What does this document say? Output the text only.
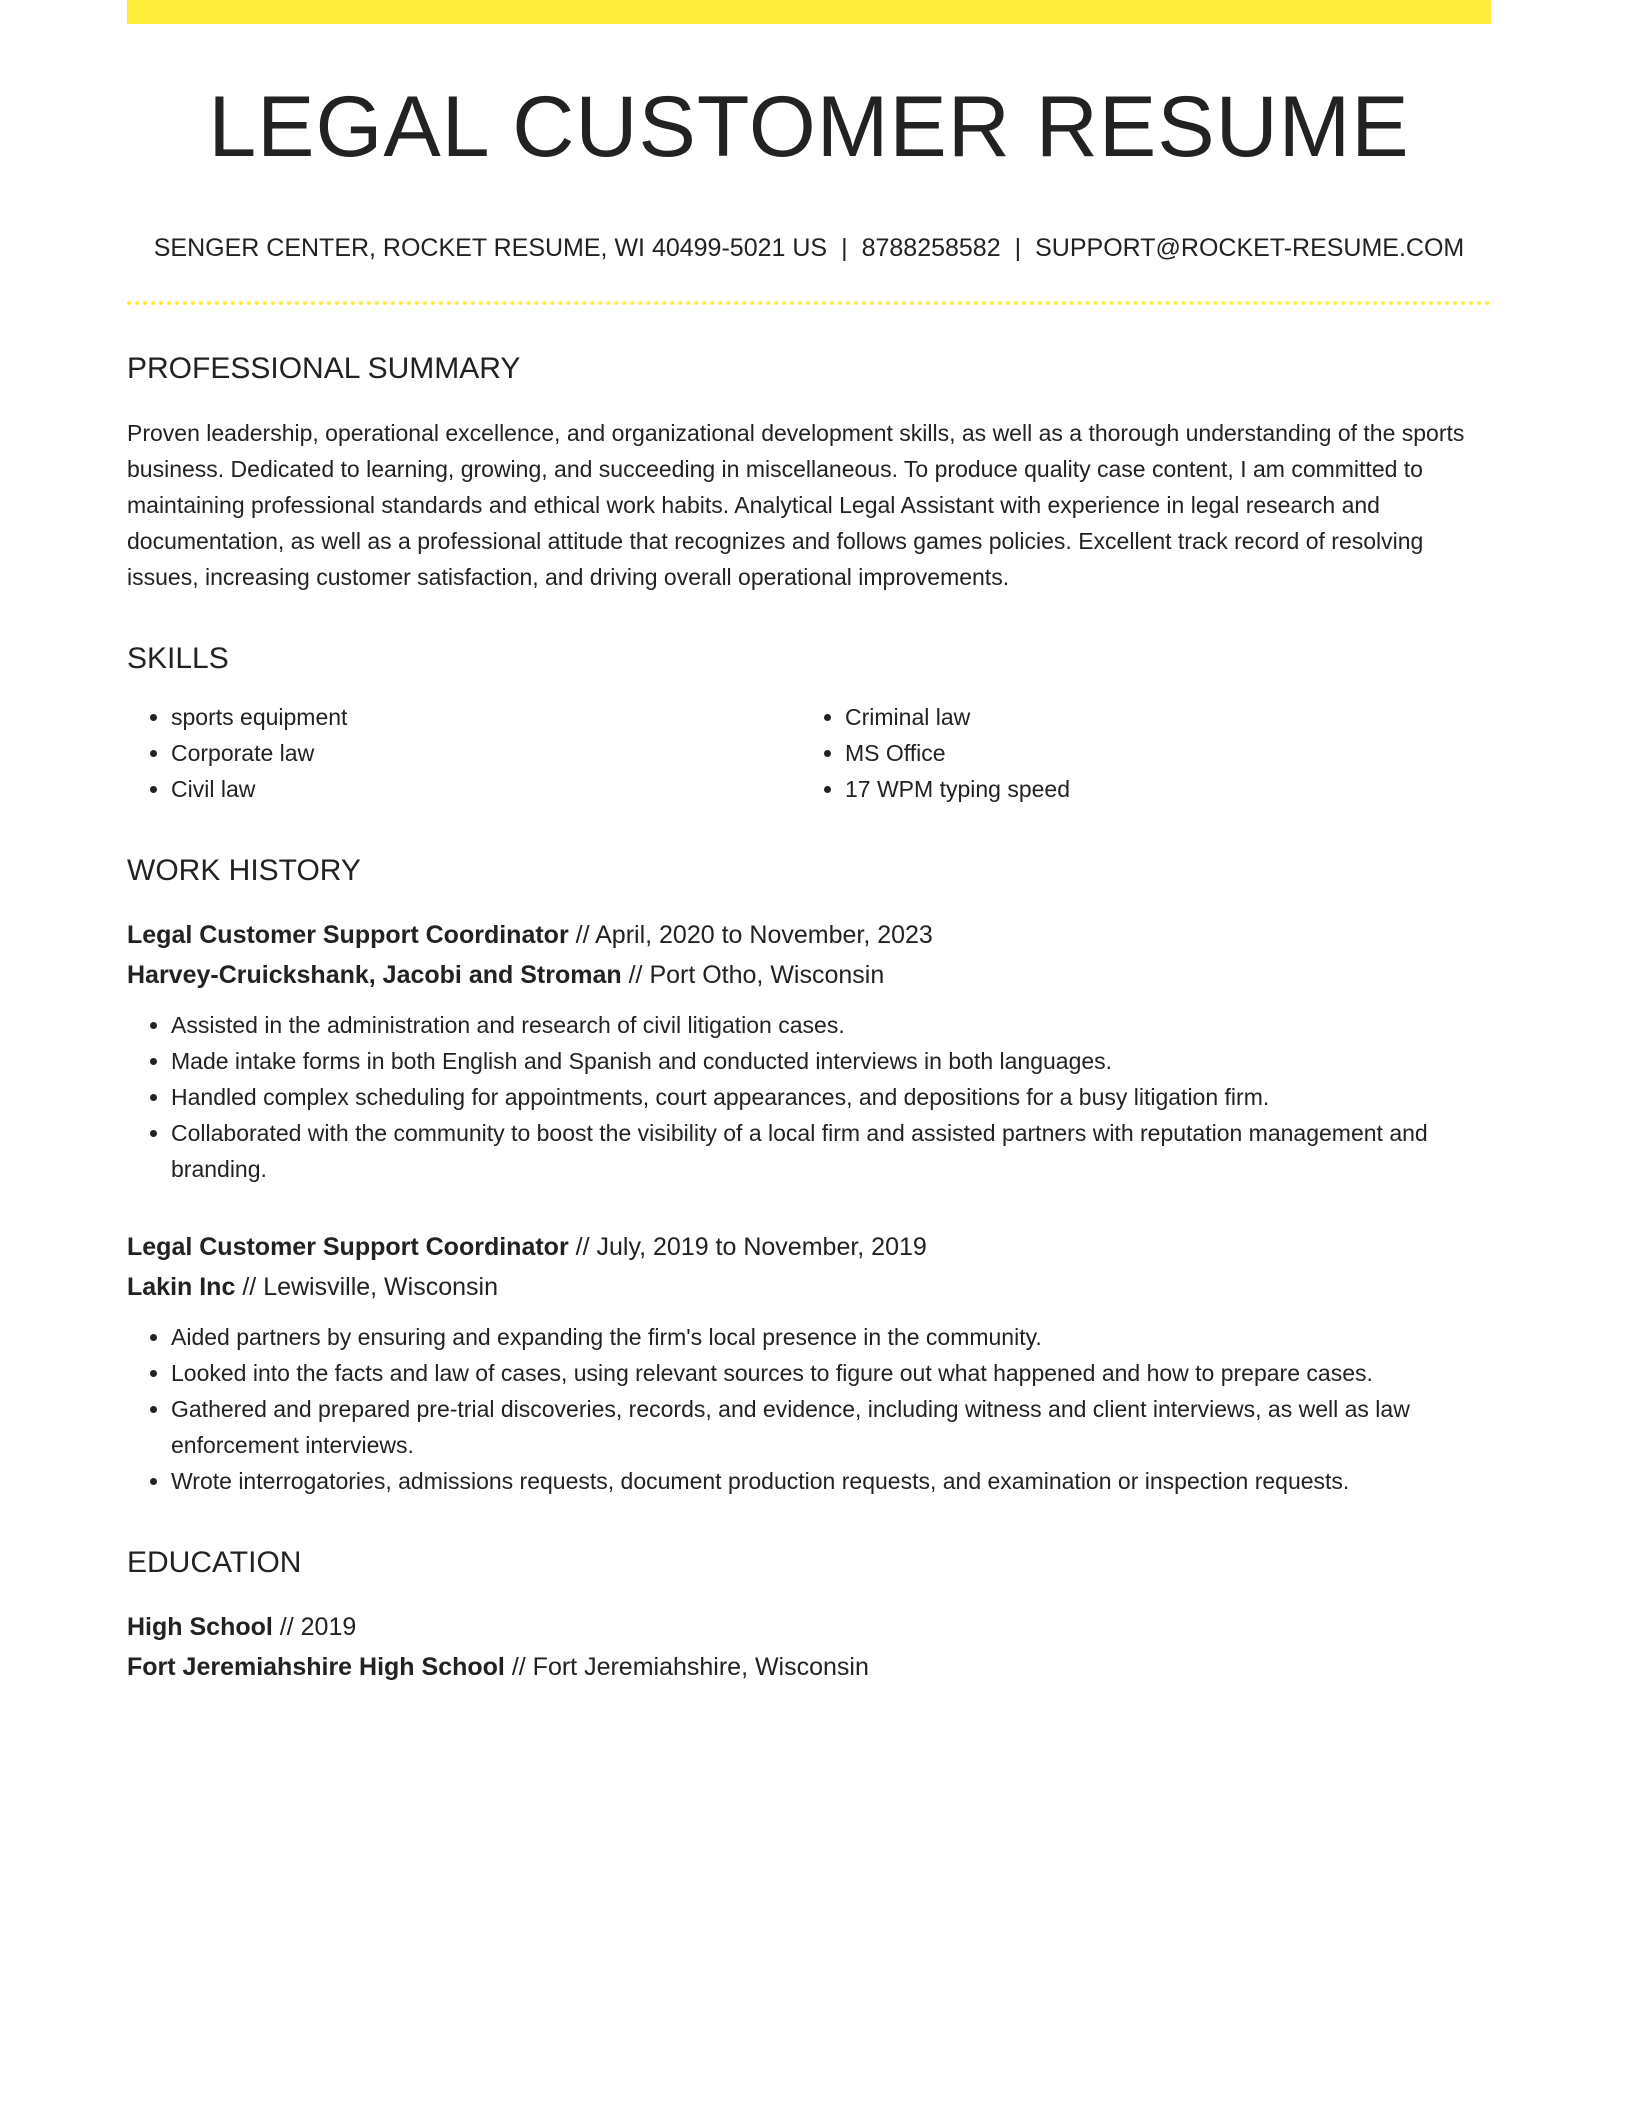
LEGAL CUSTOMER RESUME
SENGER CENTER, ROCKET RESUME, WI 40499-5021 US | 8788258582 | SUPPORT@ROCKET-RESUME.COM
PROFESSIONAL SUMMARY

Proven leadership, operational excellence, and organizational development skills, as well as a thorough understanding of the sports business. Dedicated to learning, growing, and succeeding in miscellaneous. To produce quality case content, I am committed to maintaining professional standards and ethical work habits. Analytical Legal Assistant with experience in legal research and documentation, as well as a professional attitude that recognizes and follows games policies. Excellent track record of resolving issues, increasing customer satisfaction, and driving overall operational improvements.

SKILLS
• sports equipment
• Corporate law
• Civil law
• Criminal law
• MS Office
• 17 WPM typing speed
WORK HISTORY
Legal Customer Support Coordinator // April, 2020 to November, 2023
Harvey-Cruickshank, Jacobi and Stroman // Port Otho, Wisconsin
• Assisted in the administration and research of civil litigation cases.
• Made intake forms in both English and Spanish and conducted interviews in both languages.
• Handled complex scheduling for appointments, court appearances, and depositions for a busy litigation firm.
• Collaborated with the community to boost the visibility of a local firm and assisted partners with reputation management and branding.
Legal Customer Support Coordinator // July, 2019 to November, 2019
Lakin Inc // Lewisville, Wisconsin
• Aided partners by ensuring and expanding the firm's local presence in the community.
• Looked into the facts and law of cases, using relevant sources to figure out what happened and how to prepare cases.
• Gathered and prepared pre-trial discoveries, records, and evidence, including witness and client interviews, as well as law enforcement interviews.
• Wrote interrogatories, admissions requests, document production requests, and examination or inspection requests.
EDUCATION
High School // 2019
Fort Jeremiahshire High School // Fort Jeremiahshire, Wisconsin
